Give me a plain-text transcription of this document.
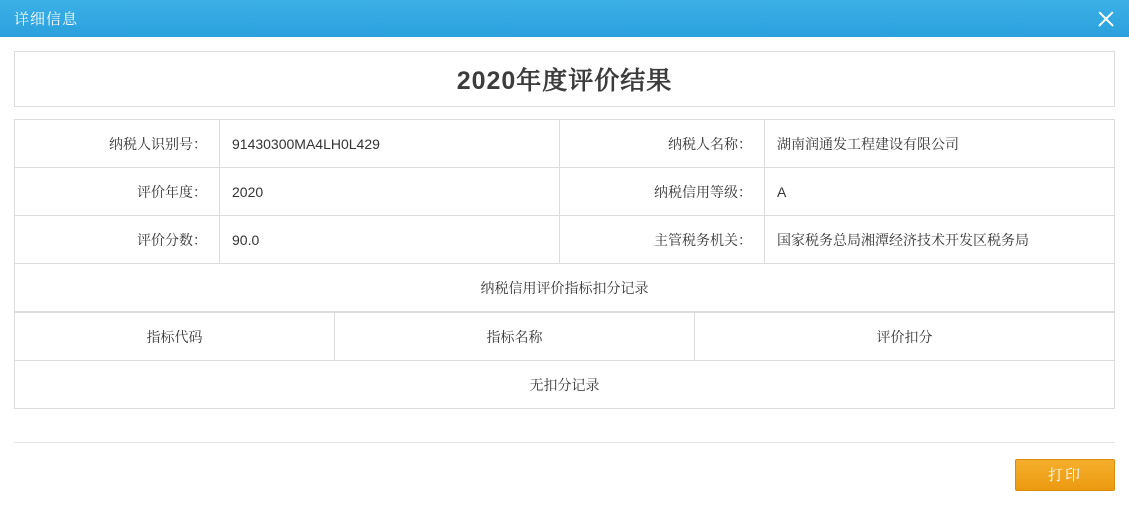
详细信息
2020年度评价结果
纳税人识别号：	91430300MA4LH0L429	纳税人名称：	湖南润通发工程建设有限公司
评价年度：	2020	纳税信用等级：	A
评价分数：	90.0	主管税务机关：	国家税务总局湘潭经济技术开发区税务局
纳税信用评价指标扣分记录			
指标代码	指标名称	评价扣分
无扣分记录
打印
